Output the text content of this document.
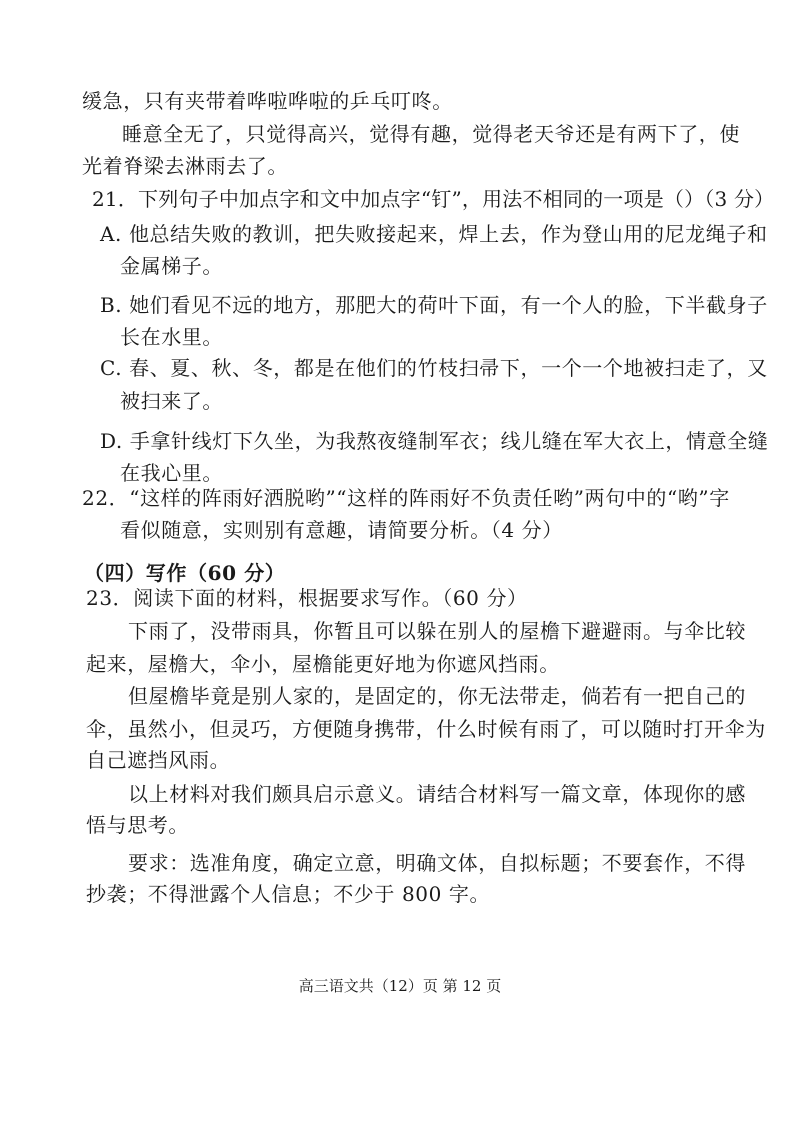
缓急，只有夹带着哗啦哗啦的乒乓叮咚。
睡意全无了，只觉得高兴，觉得有趣，觉得老天爷还是有两下了，使
光着脊梁去淋雨去了。
21．下列句子中加点字和文中加点字“钉”，用法不相同的一项是（）（3 分）
A. 他总结失败的教训，把失败接起来，焊上去，作为登山用的尼龙绳子和
金属梯子。
B. 她们看见不远的地方，那肥大的荷叶下面，有一个人的脸，下半截身子
长在水里。
C. 春、夏、秋、冬，都是在他们的竹枝扫帚下，一个一个地被扫走了，又
被扫来了。
D. 手拿针线灯下久坐，为我熬夜缝制军衣；线儿缝在军大衣上，情意全缝
在我心里。
22．“这样的阵雨好洒脱哟”“这样的阵雨好不负责任哟”两句中的“哟”字
看似随意，实则别有意趣，请简要分析。（4 分）
（四）写作（60 分）
23．阅读下面的材料，根据要求写作。（60 分）
下雨了，没带雨具，你暂且可以躲在别人的屋檐下避避雨。与伞比较
起来，屋檐大，伞小，屋檐能更好地为你遮风挡雨。
但屋檐毕竟是别人家的，是固定的，你无法带走，倘若有一把自己的
伞，虽然小，但灵巧，方便随身携带，什么时候有雨了，可以随时打开伞为
自己遮挡风雨。
以上材料对我们颇具启示意义。请结合材料写一篇文章，体现你的感
悟与思考。
要求：选准角度，确定立意，明确文体，自拟标题；不要套作，不得
抄袭；不得泄露个人信息；不少于 800 字。
高三语文共（12）页 第 12 页
